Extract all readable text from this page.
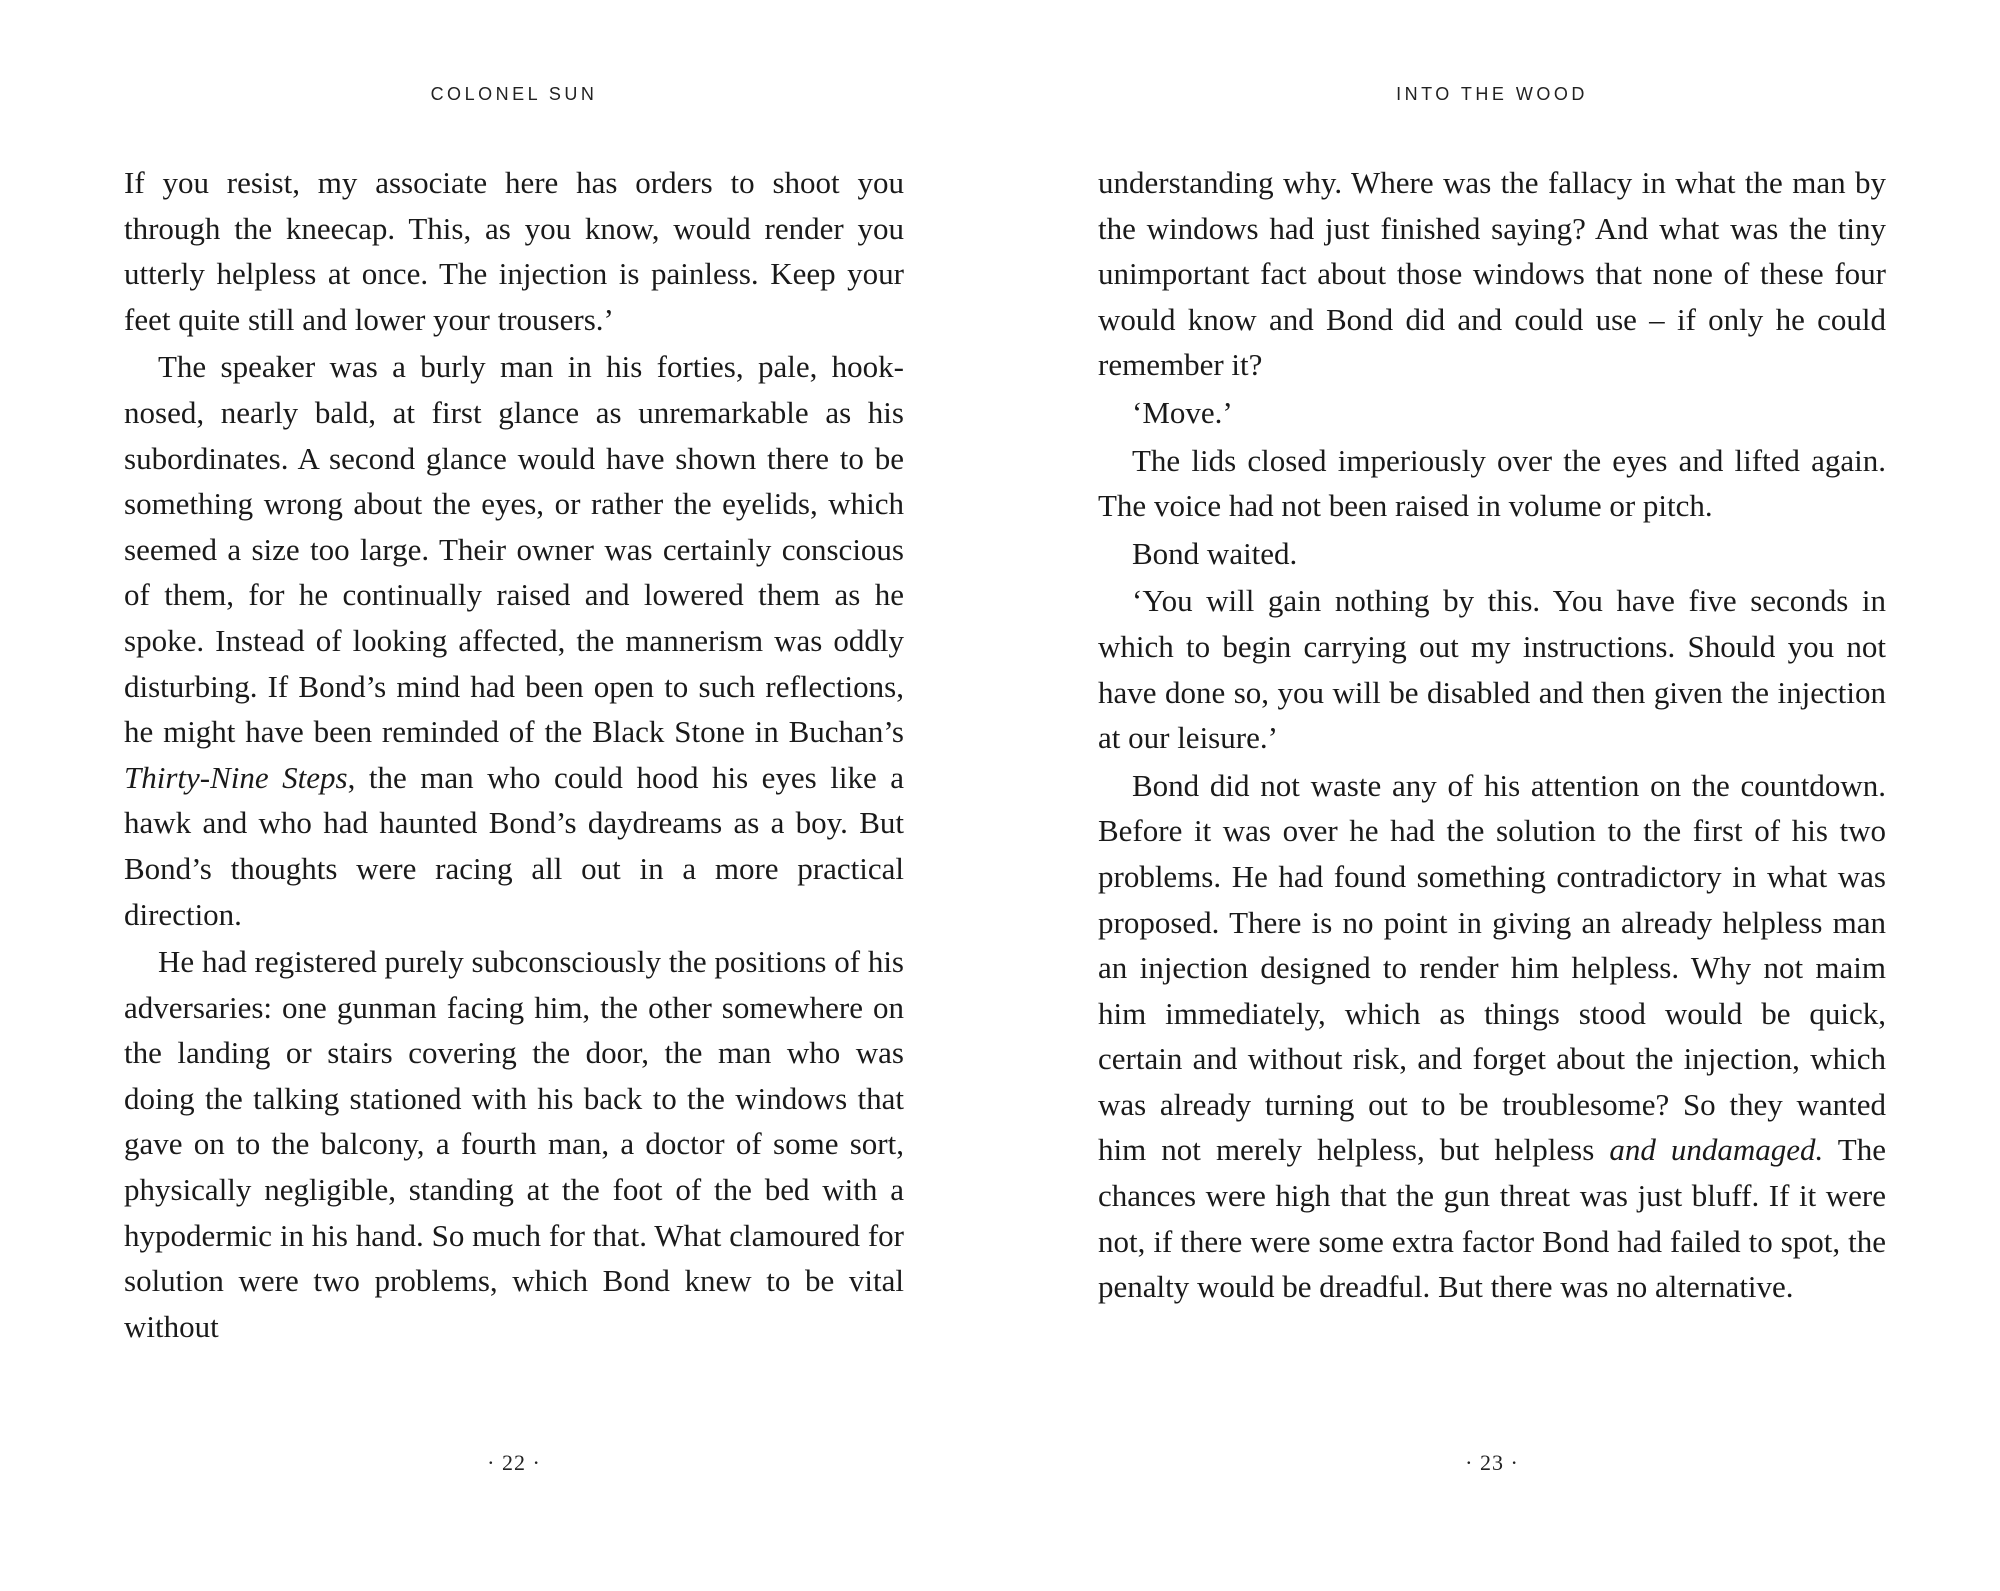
COLONEL SUN

If you resist, my associate here has orders to shoot you through the kneecap. This, as you know, would render you utterly helpless at once. The injection is painless. Keep your feet quite still and lower your trousers.’

The speaker was a burly man in his forties, pale, hook-nosed, nearly bald, at first glance as unremarkable as his subordinates. A second glance would have shown there to be something wrong about the eyes, or rather the eyelids, which seemed a size too large. Their owner was certainly conscious of them, for he continually raised and lowered them as he spoke. Instead of looking affected, the mannerism was oddly disturbing. If Bond’s mind had been open to such reflections, he might have been reminded of the Black Stone in Buchan’s Thirty-Nine Steps, the man who could hood his eyes like a hawk and who had haunted Bond’s daydreams as a boy. But Bond’s thoughts were racing all out in a more practical direction.

He had registered purely subconsciously the positions of his adversaries: one gunman facing him, the other somewhere on the landing or stairs covering the door, the man who was doing the talking stationed with his back to the windows that gave on to the balcony, a fourth man, a doctor of some sort, physically negligible, standing at the foot of the bed with a hypodermic in his hand. So much for that. What clamoured for solution were two problems, which Bond knew to be vital without

· 22 ·
INTO THE WOOD

understanding why. Where was the fallacy in what the man by the windows had just finished saying? And what was the tiny unimportant fact about those windows that none of these four would know and Bond did and could use – if only he could remember it?

‘Move.’

The lids closed imperiously over the eyes and lifted again. The voice had not been raised in volume or pitch.

Bond waited.

‘You will gain nothing by this. You have five seconds in which to begin carrying out my instructions. Should you not have done so, you will be disabled and then given the injection at our leisure.’

Bond did not waste any of his attention on the countdown. Before it was over he had the solution to the first of his two problems. He had found something contradictory in what was proposed. There is no point in giving an already helpless man an injection designed to render him helpless. Why not maim him immediately, which as things stood would be quick, certain and without risk, and forget about the injection, which was already turning out to be troublesome? So they wanted him not merely helpless, but helpless and undamaged. The chances were high that the gun threat was just bluff. If it were not, if there were some extra factor Bond had failed to spot, the penalty would be dreadful. But there was no alternative.

· 23 ·
